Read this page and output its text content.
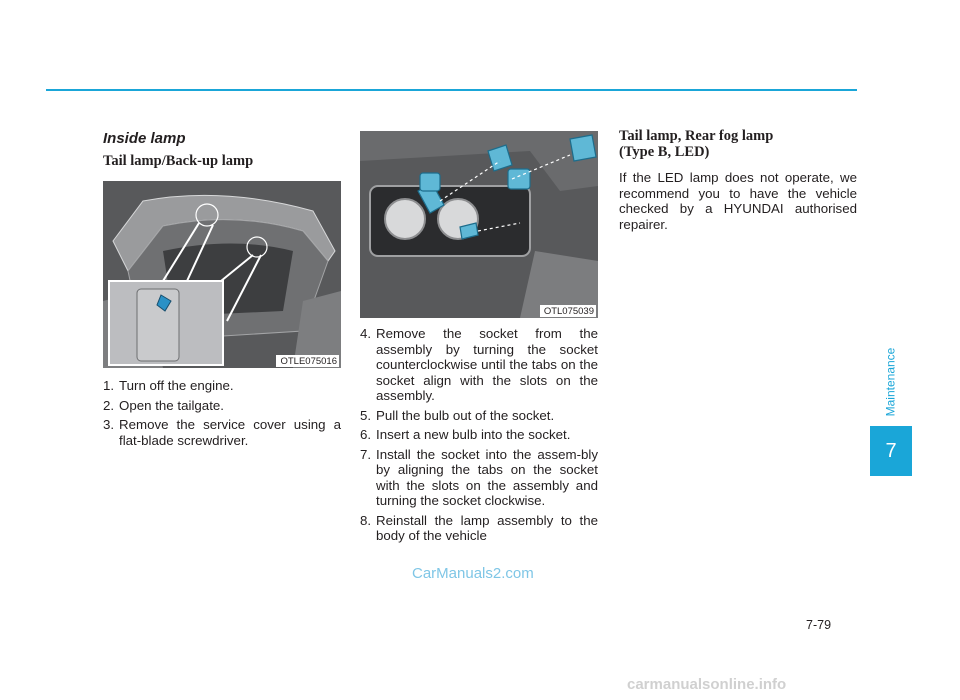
Inside lamp
Tail lamp/Back-up lamp
OTLE075016
1. Turn off the engine.
2. Open the tailgate.
3. Remove the service cover using a flat-blade screwdriver.
OTL075039
4. Remove the socket from the assembly by turning the socket counterclockwise until the tabs on the socket align with the slots on the assembly.
5. Pull the bulb out of the socket.
6. Insert a new bulb into the socket.
7. Install the socket into the assem-bly by aligning the tabs on the socket with the slots on the assembly and turning the socket clockwise.
8. Reinstall the lamp assembly to the body of the vehicle
Tail lamp, Rear fog lamp
(Type B, LED)

If the LED lamp does not operate, we recommend you to have the vehicle checked by a HYUNDAI authorised repairer.

Maintenance
7
7-79
CarManuals2.com
carmanualsonline.info
